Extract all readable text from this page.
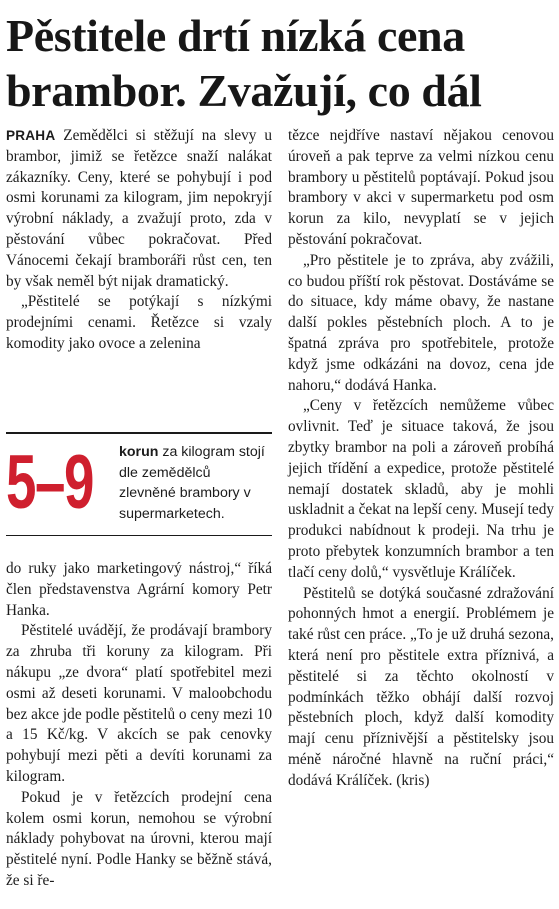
Pěstitele drtí nízká cena
brambor. Zvažují, co dál

PRAHA Zemědělci si stěžují na slevy u brambor, jimiž se řetězce snaží nalákat zákazníky. Ceny, které se pohybují i pod osmi korunami za kilogram, jim nepokryjí výrobní náklady, a zvažují proto, zda v pěstování vůbec pokračovat. Před Vánocemi čekají bramboráři růst cen, ten by však neměl být nijak dramatický.

„Pěstitelé se potýkají s nízkými prodejními cenami. Řetězce si vzaly komodity jako ovoce a zelenina

5–9 korun za kilogram stojí dle zemědělců zlevněné brambory v supermarketech.

do ruky jako marketingový nástroj,“ říká člen představenstva Agrární komory Petr Hanka.

Pěstitelé uvádějí, že prodávají brambory za zhruba tři koruny za kilogram. Při nákupu „ze dvora“ platí spotřebitel mezi osmi až deseti korunami. V maloobchodu bez akce jde podle pěstitelů o ceny mezi 10 a 15 Kč/kg. V akcích se pak cenovky pohybují mezi pěti a devíti korunami za kilogram.

Pokud je v řetězcích prodejní cena kolem osmi korun, nemohou se výrobní náklady pohybovat na úrovni, kterou mají pěstitelé nyní. Podle Hanky se běžně stává, že si ře-

tězce nejdříve nastaví nějakou cenovou úroveň a pak teprve za velmi nízkou cenu brambory u pěstitelů poptávají. Pokud jsou brambory v akci v supermarketu pod osm korun za kilo, nevyplatí se v jejich pěstování pokračovat.

„Pro pěstitele je to zpráva, aby zvážili, co budou příští rok pěstovat. Dostáváme se do situace, kdy máme obavy, že nastane další pokles pěstebních ploch. A to je špatná zpráva pro spotřebitele, protože když jsme odkázáni na dovoz, cena jde nahoru,“ dodává Hanka.

„Ceny v řetězcích nemůžeme vůbec ovlivnit. Teď je situace taková, že jsou zbytky brambor na poli a zároveň probíhá jejich třídění a expedice, protože pěstitelé nemají dostatek skladů, aby je mohli uskladnit a čekat na lepší ceny. Musejí tedy produkci nabídnout k prodeji. Na trhu je proto přebytek konzumních brambor a ten tlačí ceny dolů,“ vysvětluje Králíček.

Pěstitelů se dotýká současné zdražování pohonných hmot a energií. Problémem je také růst cen práce. „To je už druhá sezona, která není pro pěstitele extra příznivá, a pěstitelé si za těchto okolností v podmínkách těžko obhájí další rozvoj pěstebních ploch, když další komodity mají cenu příznivější a pěstitelsky jsou méně náročné hlavně na ruční práci,“ dodává Králíček. (kris)
